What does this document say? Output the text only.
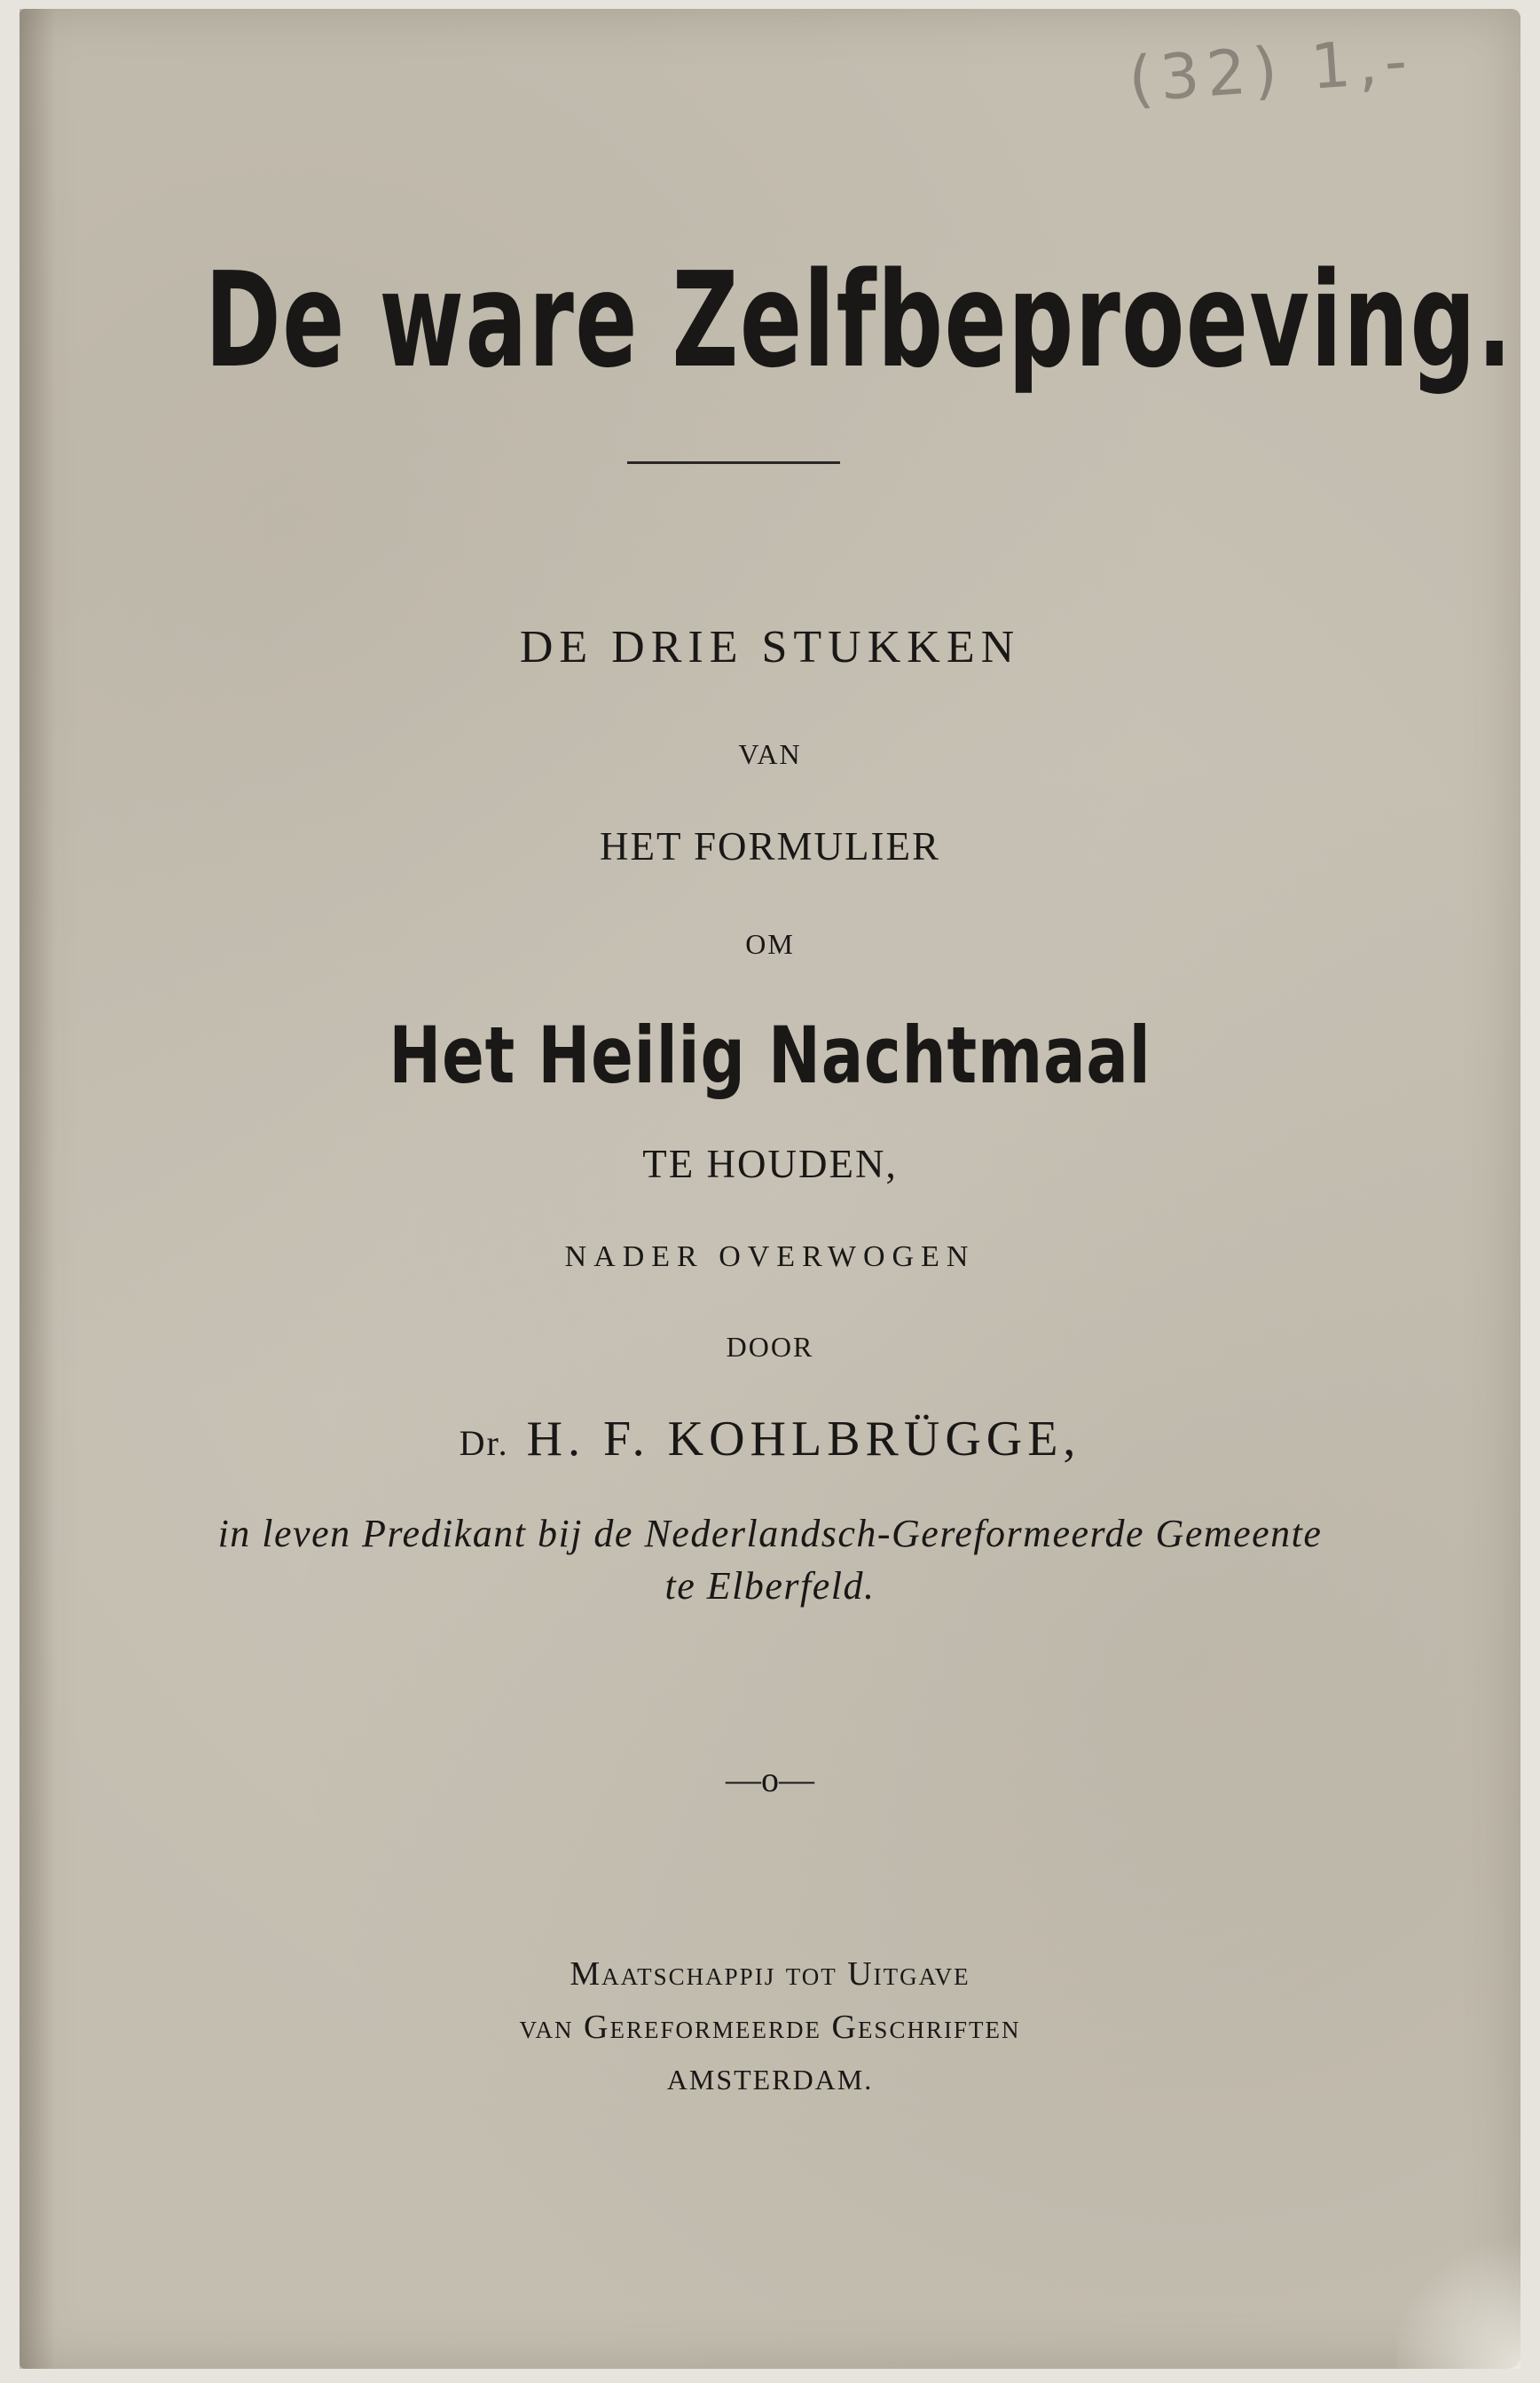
(32) 1,-
De ware Zelfbeproeving.
DE DRIE STUKKEN
VAN
HET FORMULIER
OM
Het Heilig Nachtmaal
TE HOUDEN,
NADER OVERWOGEN
DOOR
Dr. H. F. KOHLBRÜGGE,
in leven Predikant bij de Nederlandsch-Gereformeerde Gemeente
te Elberfeld.
—o—
Maatschappij tot Uitgave
van Gereformeerde Geschriften
AMSTERDAM.
